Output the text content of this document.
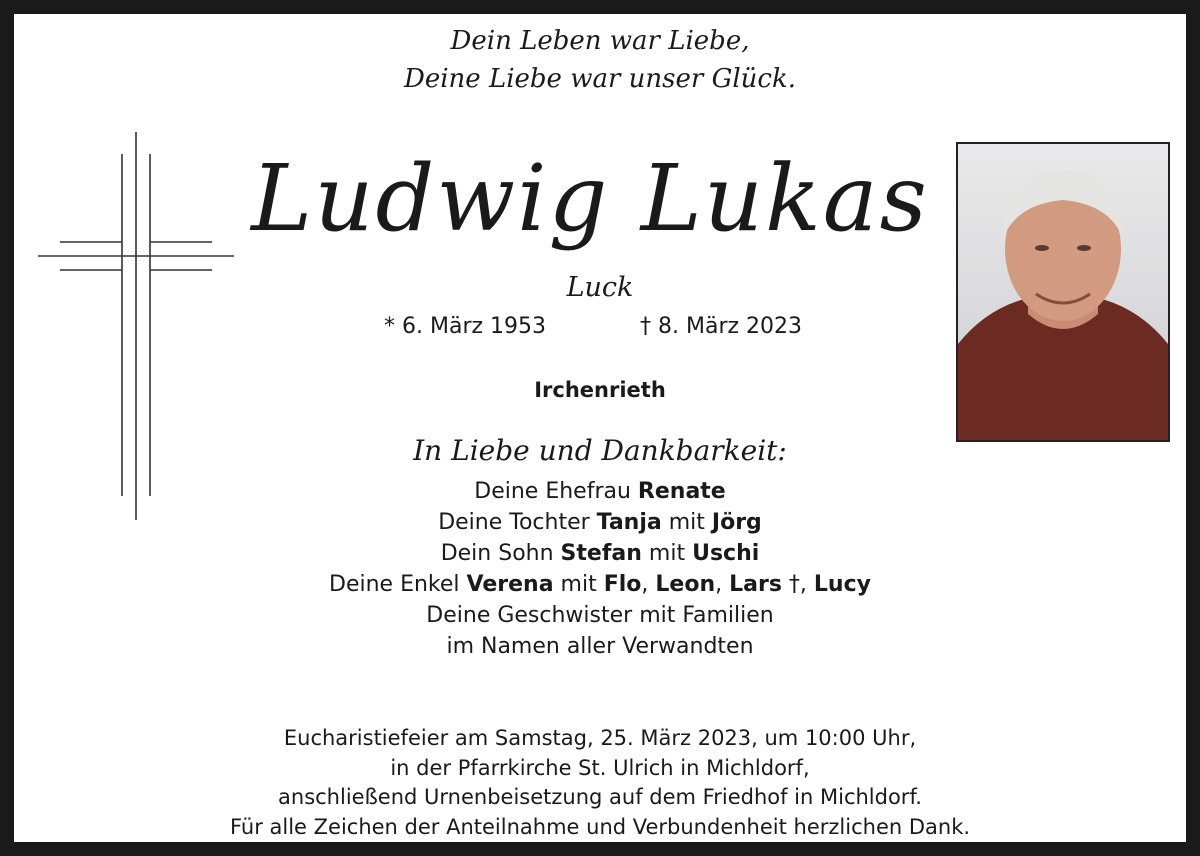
Dein Leben war Liebe,
Deine Liebe war unser Glück.
Ludwig Lukas
Luck
* 6. März 1953	† 8. März 2023
Irchenrieth
In Liebe und Dankbarkeit:
Deine Ehefrau Renate
Deine Tochter Tanja mit Jörg
Dein Sohn Stefan mit Uschi
Deine Enkel Verena mit Flo, Leon, Lars †, Lucy
Deine Geschwister mit Familien
im Namen aller Verwandten
Eucharistiefeier am Samstag, 25. März 2023, um 10:00 Uhr,
in der Pfarrkirche St. Ulrich in Michldorf,
anschließend Urnenbeisetzung auf dem Friedhof in Michldorf.
Für alle Zeichen der Anteilnahme und Verbundenheit herzlichen Dank.
